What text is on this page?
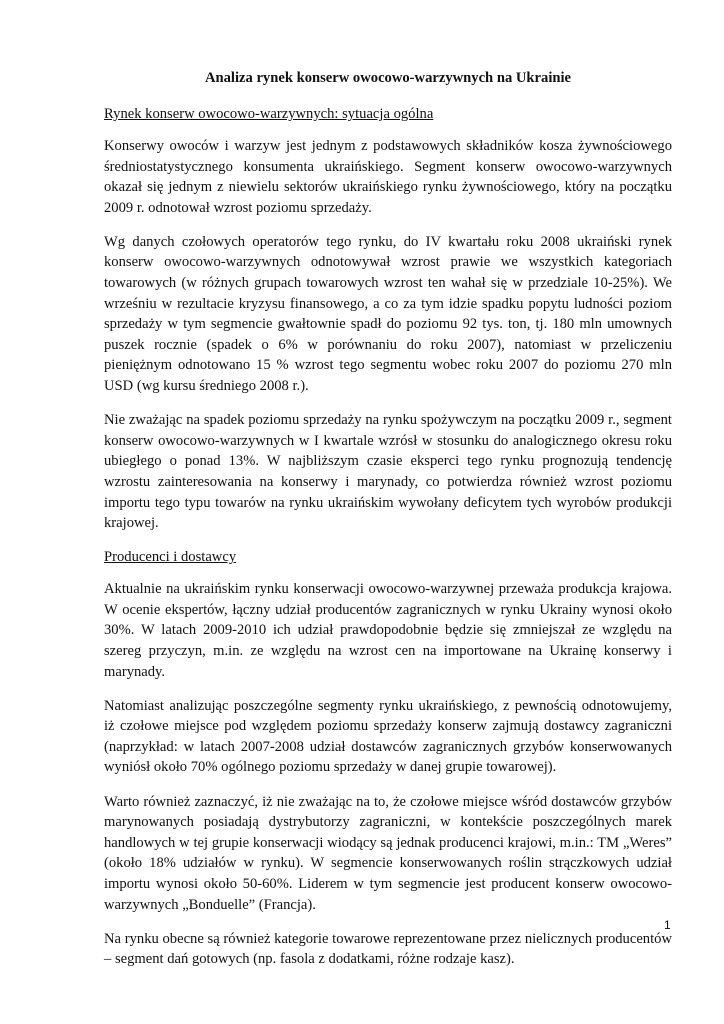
Analiza rynek konserw owocowo-warzywnych na Ukrainie
Rynek konserw owocowo-warzywnych: sytuacja ogólna

Konserwy owoców i warzyw jest jednym z podstawowych składników kosza żywnościowego średniostatystycznego konsumenta ukraińskiego. Segment konserw owocowo-warzywnych okazał się jednym z niewielu sektorów ukraińskiego rynku żywnościowego, który na początku 2009 r. odnotował wzrost poziomu sprzedaży.

Wg danych czołowych operatorów tego rynku, do IV kwartału roku 2008 ukraiński rynek konserw owocowo-warzywnych odnotowywał wzrost prawie we wszystkich kategoriach towarowych (w różnych grupach towarowych wzrost ten wahał się w przedziale 10-25%). We wrześniu w rezultacie kryzysu finansowego, a co za tym idzie spadku popytu ludności poziom sprzedaży w tym segmencie gwałtownie spadł do poziomu 92 tys. ton, tj. 180 mln umownych puszek rocznie (spadek o 6% w porównaniu do roku 2007), natomiast w przeliczeniu pieniężnym odnotowano 15 % wzrost tego segmentu wobec roku 2007 do poziomu 270 mln USD (wg kursu średniego 2008 r.).

Nie zważając na spadek poziomu sprzedaży na rynku spożywczym na początku 2009 r., segment konserw owocowo-warzywnych w I kwartale wzrósł w stosunku do analogicznego okresu roku ubiegłego o ponad 13%. W najbliższym czasie eksperci tego rynku prognozują tendencję wzrostu zainteresowania na konserwy i marynady, co potwierdza również wzrost poziomu importu tego typu towarów na rynku ukraińskim wywołany deficytem tych wyrobów produkcji krajowej.

Producenci i dostawcy

Aktualnie na ukraińskim rynku konserwacji owocowo-warzywnej przeważa produkcja krajowa. W ocenie ekspertów, łączny udział producentów zagranicznych w rynku Ukrainy wynosi około 30%. W latach 2009-2010 ich udział prawdopodobnie będzie się zmniejszał ze względu na szereg przyczyn, m.in. ze względu na wzrost cen na importowane na Ukrainę konserwy i marynady.

Natomiast analizując poszczególne segmenty rynku ukraińskiego, z pewnością odnotowujemy, iż czołowe miejsce pod względem poziomu sprzedaży konserw zajmują dostawcy zagraniczni (naprzykład: w latach 2007-2008 udział dostawców zagranicznych grzybów konserwowanych wyniósł około 70% ogólnego poziomu sprzedaży w danej grupie towarowej).

Warto również zaznaczyć, iż nie zważając na to, że czołowe miejsce wśród dostawców grzybów marynowanych posiadają dystrybutorzy zagraniczni, w kontekście poszczególnych marek handlowych w tej grupie konserwacji wiodący są jednak producenci krajowi, m.in.: TM „Weres” (około 18% udziałów w rynku). W segmencie konserwowanych roślin strączkowych udział importu wynosi około 50-60%. Liderem w tym segmencie jest producent konserw owocowo-warzywnych „Bonduelle” (Francja).

Na rynku obecne są również kategorie towarowe reprezentowane przez nielicznych producentów – segment dań gotowych (np. fasola z dodatkami, różne rodzaje kasz).

1
